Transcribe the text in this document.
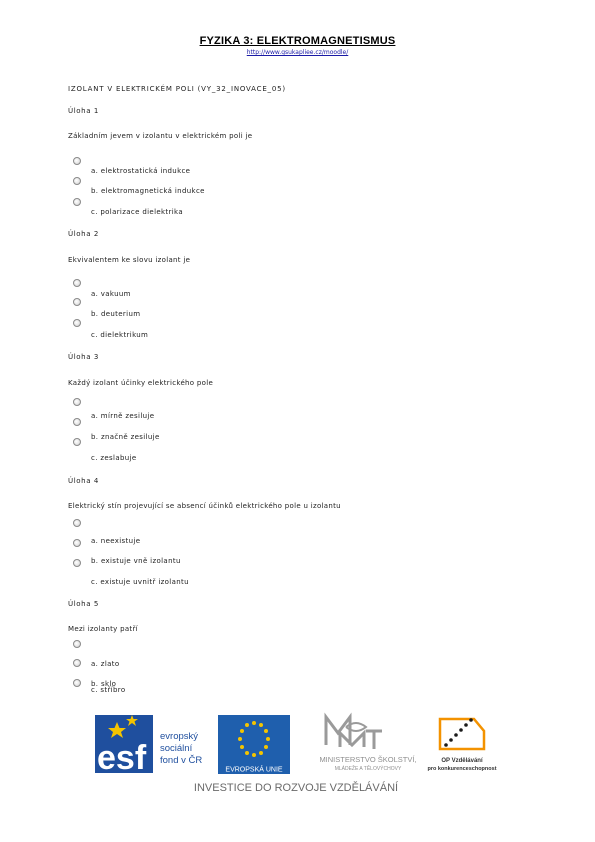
FYZIKA 3: ELEKTROMAGNETISMUS
http://www.gsukapliee.cz/moodle/
IZOLANT V ELEKTRICKÉM POLI (VY_32_INOVACE_05)
Úloha 1
Základním jevem v izolantu v elektrickém poli je
a. elektrostatická indukce
b. elektromagnetická indukce
c. polarizace dielektrika
Úloha 2
Ekvivalentem ke slovu izolant je
a. vakuum
b. deuterium
c. dielektrikum
Úloha 3
Každý izolant účinky elektrického pole
a. mírně zesiluje
b. značně zesiluje
c. zeslabuje
Úloha 4
Elektrický stín projevující se absencí účinků elektrického pole u izolantu
a. neexistuje
b. existuje vně izolantu
c. existuje uvnitř izolantu
Úloha 5
Mezi izolanty patří
a. zlato
b. sklo
c. stříbro
esf
evropský
sociální
fond v ČR
EVROPSKÁ UNIE
MINISTERSTVO ŠKOLSTVÍ,
MLÁDEŽE A TĚLOVÝCHOVY
OP Vzdělávání
pro konkurenceschopnost
INVESTICE DO ROZVOJE VZDĚLÁVÁNÍ
